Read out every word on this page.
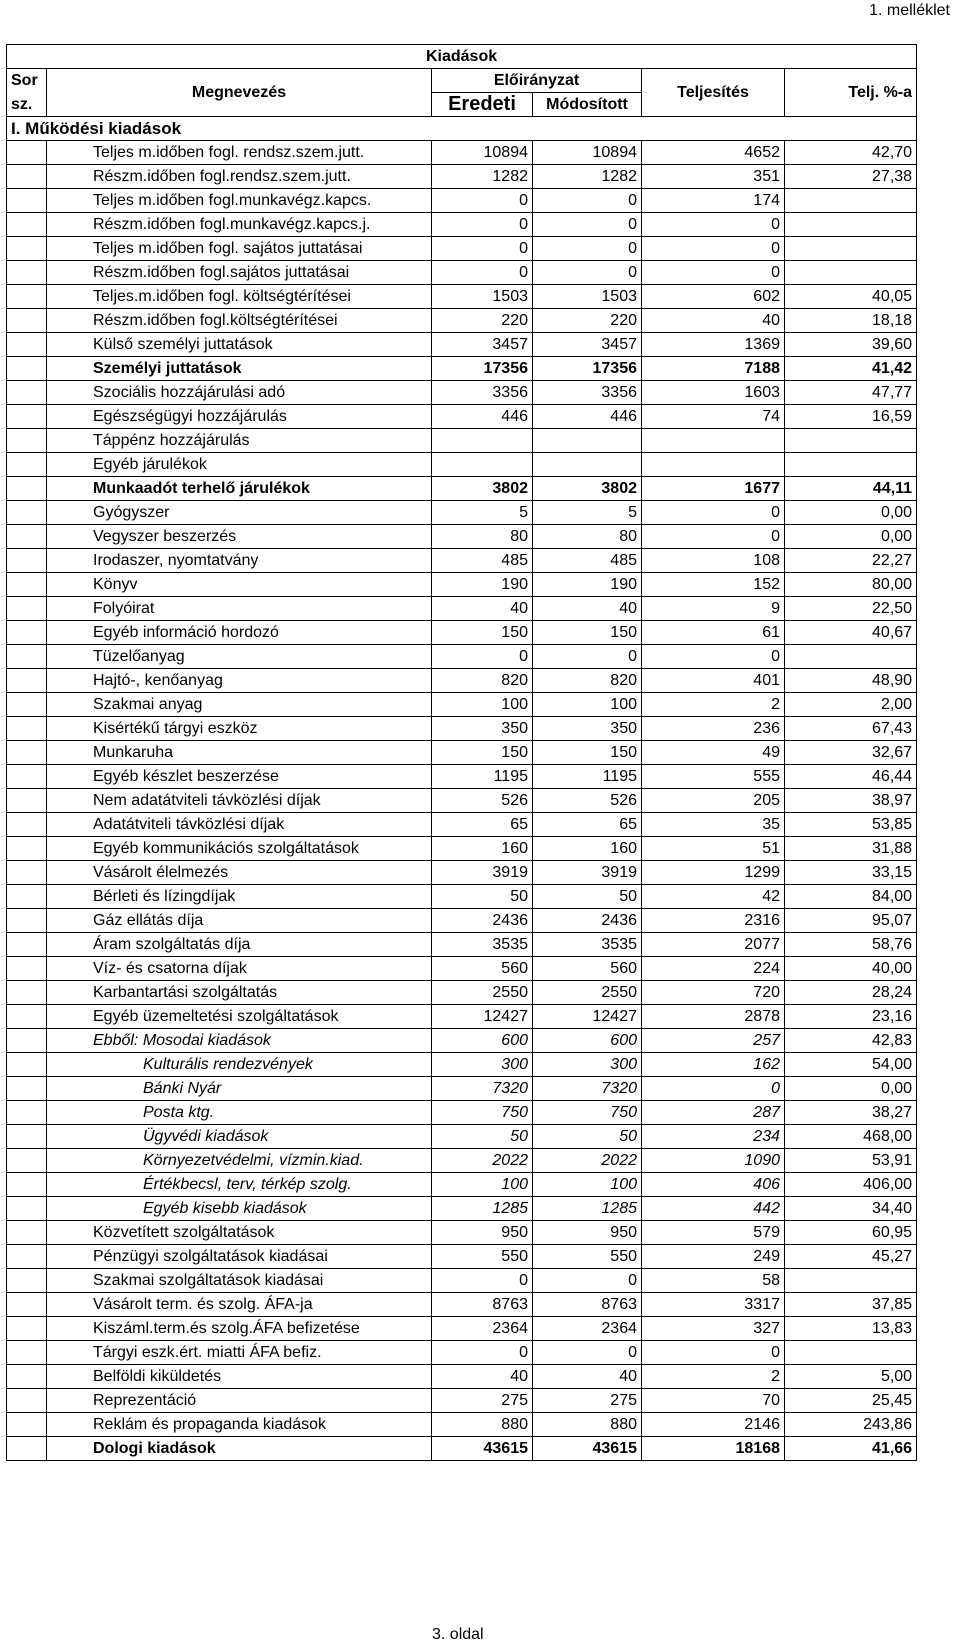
1. melléklet
Kiadások					
Sor	Megnevezés	Előirányzat		Teljesítés	Telj. %-a
sz.		Eredeti	Módosított		
I. Működési kiadások					
	Teljes m.időben fogl. rendsz.szem.jutt.	10894	10894	4652	42,70
	Részm.időben fogl.rendsz.szem.jutt.	1282	1282	351	27,38
	Teljes m.időben fogl.munkavégz.kapcs.	0	0	174	
	Részm.időben fogl.munkavégz.kapcs.j.	0	0	0	
	Teljes m.időben fogl. sajátos juttatásai	0	0	0	
	Részm.időben fogl.sajátos juttatásai	0	0	0	
	Teljes.m.időben fogl. költségtérítései	1503	1503	602	40,05
	Részm.időben fogl.költségtérítései	220	220	40	18,18
	Külső személyi juttatások	3457	3457	1369	39,60
	Személyi juttatások	17356	17356	7188	41,42
	Szociális hozzájárulási adó	3356	3356	1603	47,77
	Egészségügyi hozzájárulás	446	446	74	16,59
	Táppénz hozzájárulás				
	Egyéb járulékok				
	Munkaadót terhelő járulékok	3802	3802	1677	44,11
	Gyógyszer	5	5	0	0,00
	Vegyszer beszerzés	80	80	0	0,00
	Irodaszer, nyomtatvány	485	485	108	22,27
	Könyv	190	190	152	80,00
	Folyóirat	40	40	9	22,50
	Egyéb információ hordozó	150	150	61	40,67
	Tüzelőanyag	0	0	0	
	Hajtó-, kenőanyag	820	820	401	48,90
	Szakmai anyag	100	100	2	2,00
	Kisértékű tárgyi eszköz	350	350	236	67,43
	Munkaruha	150	150	49	32,67
	Egyéb készlet beszerzése	1195	1195	555	46,44
	Nem adatátviteli távközlési díjak	526	526	205	38,97
	Adatátviteli távközlési díjak	65	65	35	53,85
	Egyéb kommunikációs szolgáltatások	160	160	51	31,88
	Vásárolt élelmezés	3919	3919	1299	33,15
	Bérleti és lízingdíjak	50	50	42	84,00
	Gáz ellátás díja	2436	2436	2316	95,07
	Áram szolgáltatás díja	3535	3535	2077	58,76
	Víz- és csatorna díjak	560	560	224	40,00
	Karbantartási szolgáltatás	2550	2550	720	28,24
	Egyéb üzemeltetési szolgáltatások	12427	12427	2878	23,16
	Ebből: Mosodai kiadások	600	600	257	42,83
	Kulturális rendezvények	300	300	162	54,00
	Bánki Nyár	7320	7320	0	0,00
	Posta ktg.	750	750	287	38,27
	Ügyvédi kiadások	50	50	234	468,00
	Környezetvédelmi, vízmin.kiad.	2022	2022	1090	53,91
	Értékbecsl, terv, térkép szolg.	100	100	406	406,00
	Egyéb kisebb kiadások	1285	1285	442	34,40
	Közvetített szolgáltatások	950	950	579	60,95
	Pénzügyi szolgáltatások kiadásai	550	550	249	45,27
	Szakmai szolgáltatások kiadásai	0	0	58	
	Vásárolt term. és szolg. ÁFA-ja	8763	8763	3317	37,85
	Kiszáml.term.és szolg.ÁFA befizetése	2364	2364	327	13,83
	Tárgyi eszk.ért. miatti ÁFA befiz.	0	0	0	
	Belföldi kiküldetés	40	40	2	5,00
	Reprezentáció	275	275	70	25,45
	Reklám és propaganda kiadások	880	880	2146	243,86
	Dologi kiadások	43615	43615	18168	41,66
3. oldal
